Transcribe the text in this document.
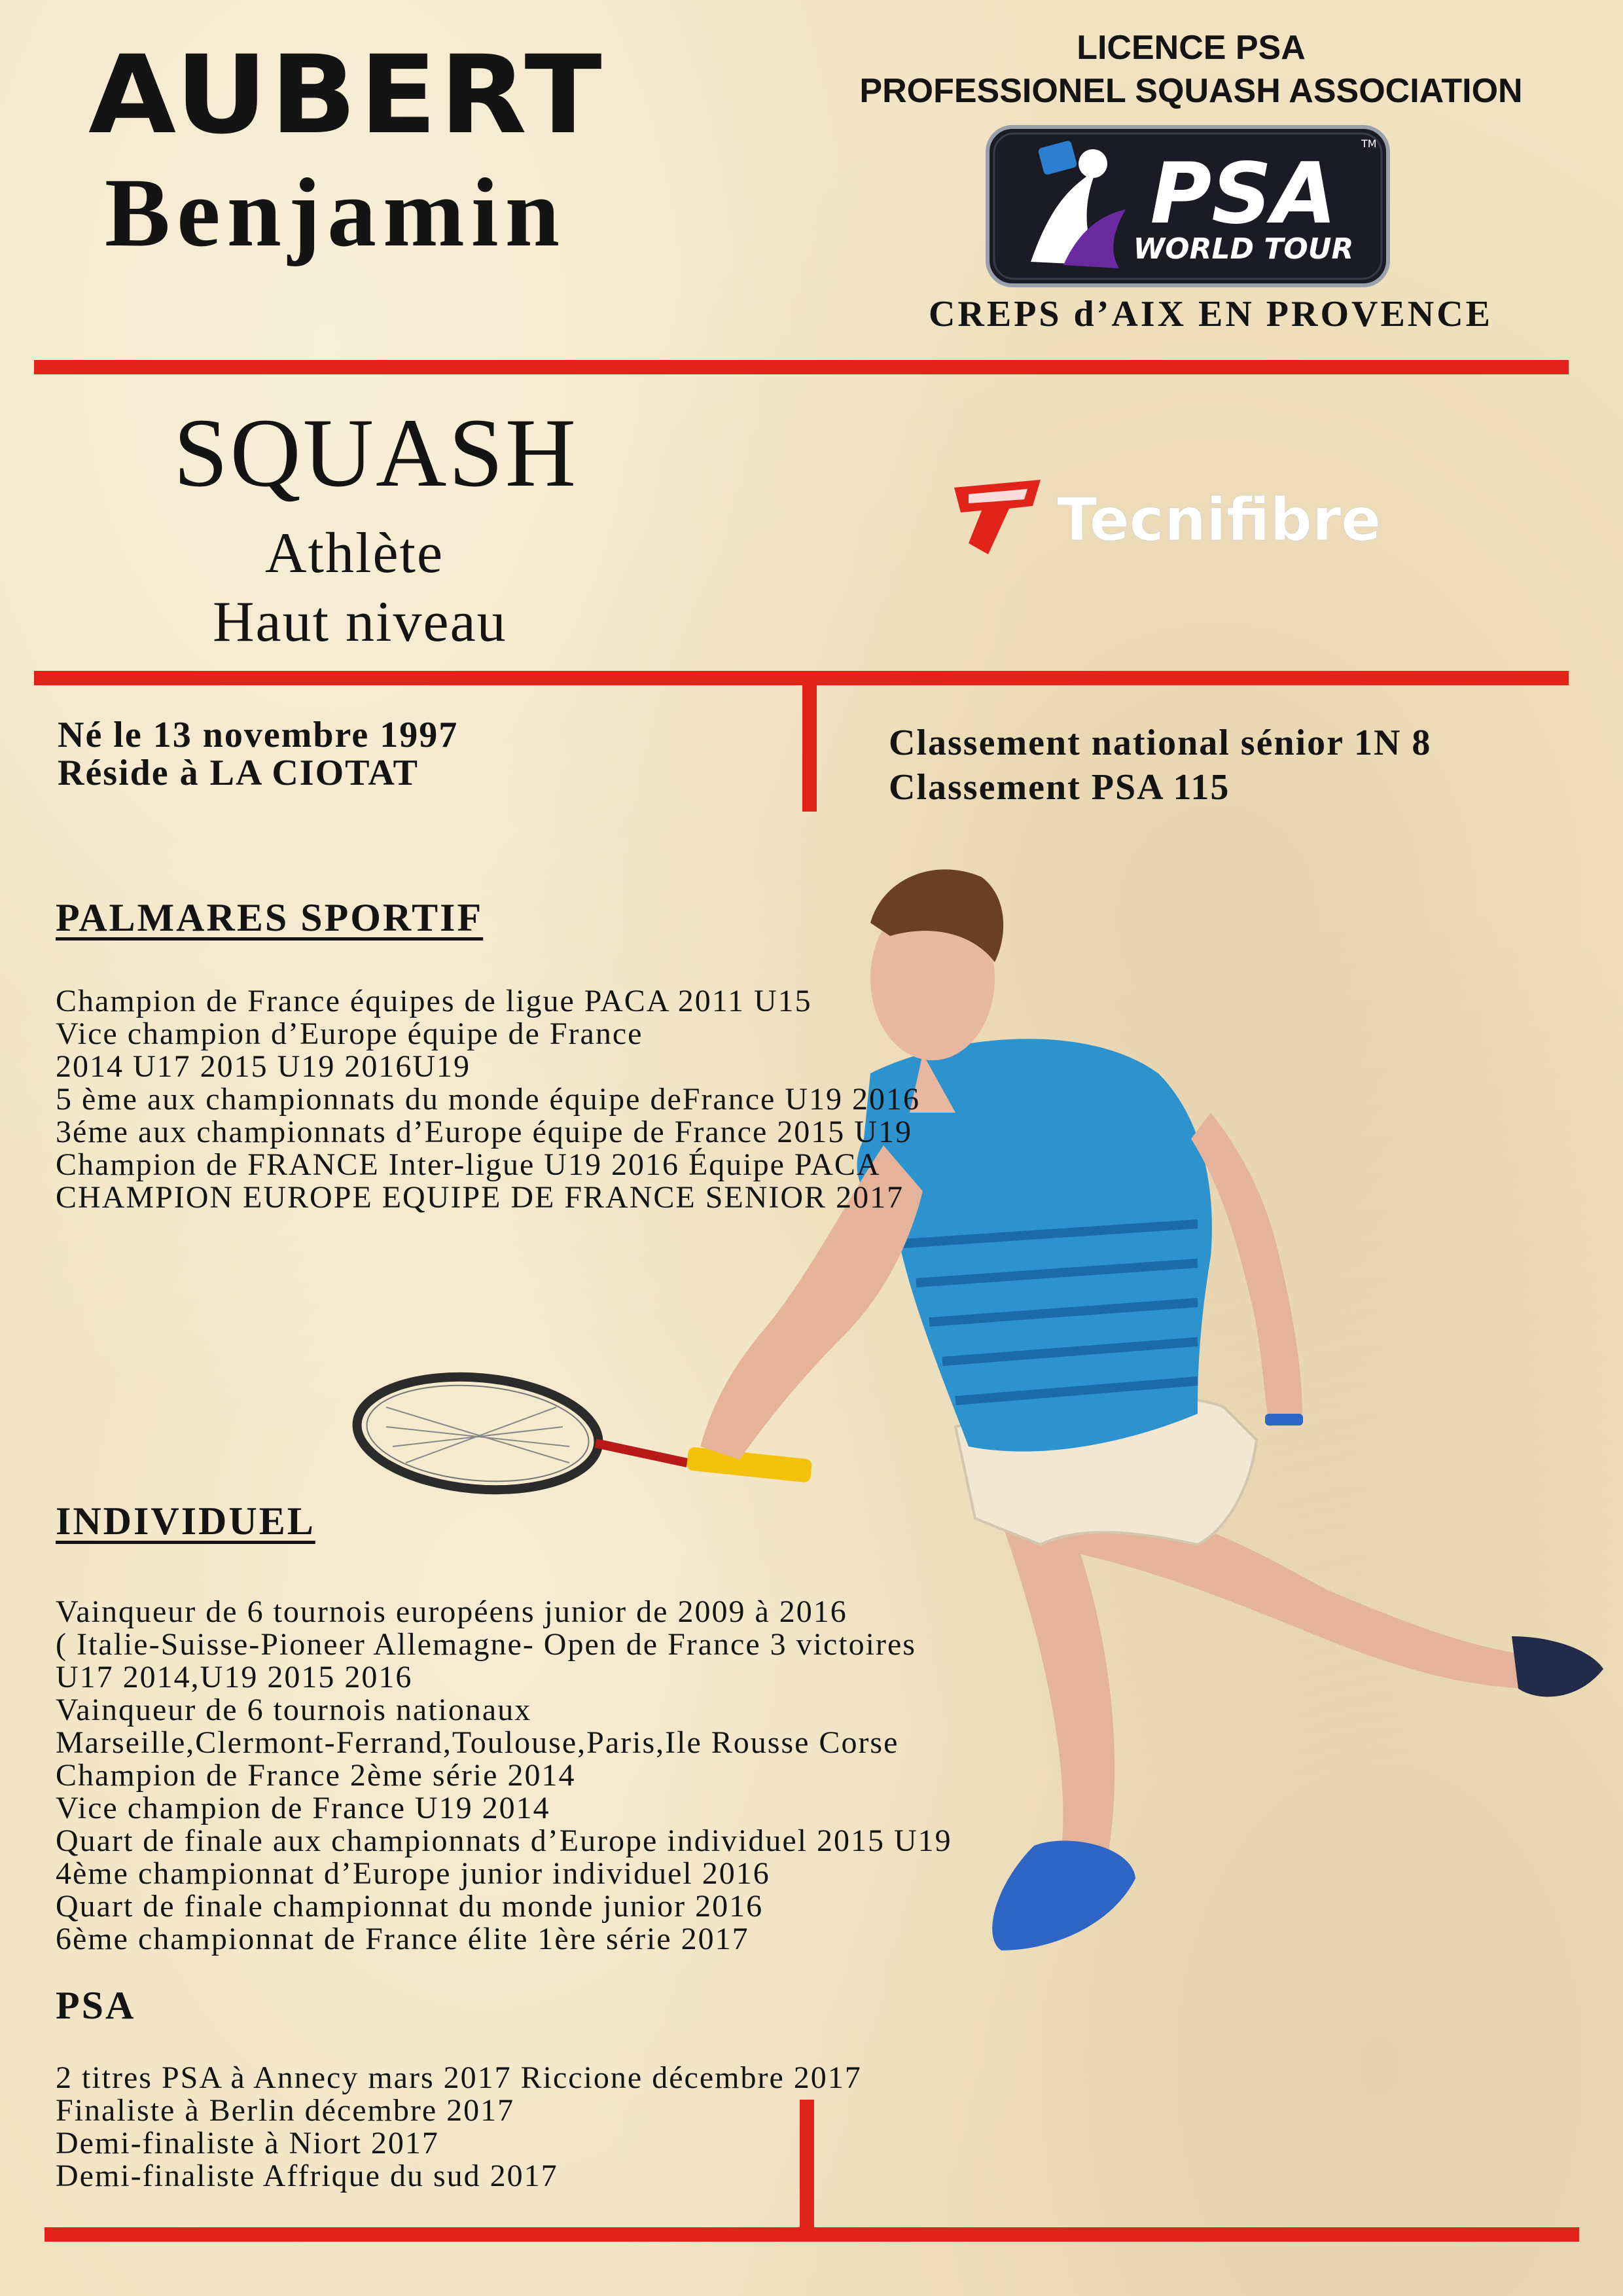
AUBERT
Benjamin
LICENCE PSA
PROFESSIONEL SQUASH ASSOCIATION
PSA
WORLD TOUR
TM
CREPS d’AIX EN PROVENCE
SQUASH
Athlète
Haut niveau
Tecnifibre
Né le 13 novembre 1997
Réside à LA CIOTAT
Classement national sénior 1N 8
Classement PSA 115
PALMARES SPORTIF
Champion de France équipes de ligue PACA 2011 U15
Vice champion d’Europe équipe de France
2014 U17 2015 U19 2016U19
5 ème aux championnats du monde équipe deFrance U19 2016
3éme aux championnats d’Europe équipe de France 2015 U19
Champion de FRANCE Inter-ligue U19 2016 Équipe PACA
CHAMPION EUROPE EQUIPE DE FRANCE SENIOR 2017
INDIVIDUEL
Vainqueur de 6 tournois européens junior de 2009 à 2016
( Italie-Suisse-Pioneer Allemagne- Open de France 3 victoires
U17 2014,U19 2015 2016
Vainqueur de 6 tournois nationaux
Marseille,Clermont-Ferrand,Toulouse,Paris,Ile Rousse Corse
Champion de France 2ème série 2014
Vice champion de France U19 2014
Quart de finale aux championnats d’Europe individuel 2015 U19
4ème championnat d’Europe junior individuel 2016
Quart de finale championnat du monde junior 2016
6ème championnat de France élite 1ère série 2017
PSA
2 titres PSA à Annecy mars 2017 Riccione décembre 2017
Finaliste à Berlin décembre 2017
Demi-finaliste à Niort 2017
Demi-finaliste Affrique du sud 2017
